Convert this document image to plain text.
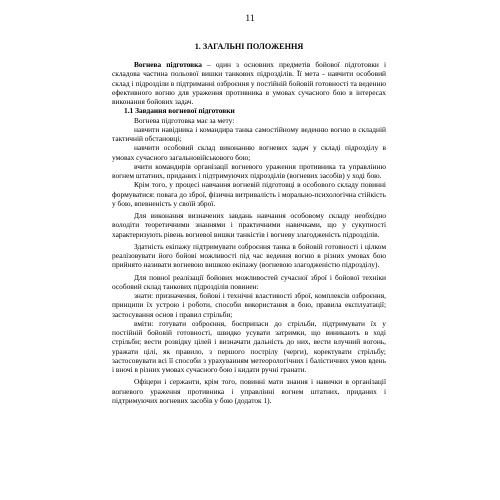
11
1. ЗАГАЛЬНІ ПОЛОЖЕННЯ

Вогнева підготовка – один з основних предметів бойової підготовки і складова частина польової вишки танкових підрозділів. Її мета - навчити особовий склад і підрозділи в підтриманні озброєння у постійній бойовій готовності та веденню ефективного вогню для ураження противника в умовах сучасного бою в інтересах виконання бойових задач.

1.1 Завдання вогневої підготовки

Вогнева підготовка має за мету:

навчити навідника і командира танка самостійному веденню вогню в складній тактичній обстановці;

навчити особовий склад виконанню вогневих задач у складі підрозділу в умовах сучасного загальновійськового бою;

вчити командирів організації вогневого ураження противника та управлінню вогнем штатних, приданих і підтримуючих підрозділів (вогневих засобів) у ході бою.

Крім того, у процесі навчання вогневій підготовці в особового складу повинні формуватися: повага до зброї, фізична витривалість і морально-психологічна стійкість у бою, впевненість у своїй зброї.

Для виконання визначених завдань навчання особовому складу необхідно володіти теоретичними знаннями і практичними навичками, що у сукупності характеризують рівень вогневої вишки танкістів і вогневу злагодженість підрозділів.

Здатність екіпажу підтримувати озброєння танка в бойовій готовності і цілком реалізовувати його бойові можливості під час ведення вогню в різних умовах бою прийнято називати вогневою вишкою екіпажу (вогневою злагодженістю підрозділу).

Для повної реалізації бойових можливостей сучасної зброї і бойової техніки особовий склад танкових підрозділів повинен:

знати: призначення, бойові і технічні властивості зброї, комплексів озброєння, принципи їх устрою і роботи, способи використання в бою, правила експлуатації; застосування основ і правил стрільби;

вміти: готувати озброєння, боєприпаси до стрільби, підтримувати їх у постійній бойовій готовності, швидко усувати затримки, що виникають в ході стрільби; вести розвідку цілей і визначати дальність до них, вести влучний вогонь, уражати цілі, як правило, з першого пострілу (черги), коректувати стрільбу; застосовувати всі її способи з урахуванням метеорологічних і балістичних умов вдень і вночі в різних умовах сучасного бою і кидати ручні гранати.

Офіцери і сержанти, крім того, повинні мати знання і навички в організації вогневого ураження противника і управлінні вогнем штатних, приданих і підтримуючих вогневих засобів у бою (додаток 1).
